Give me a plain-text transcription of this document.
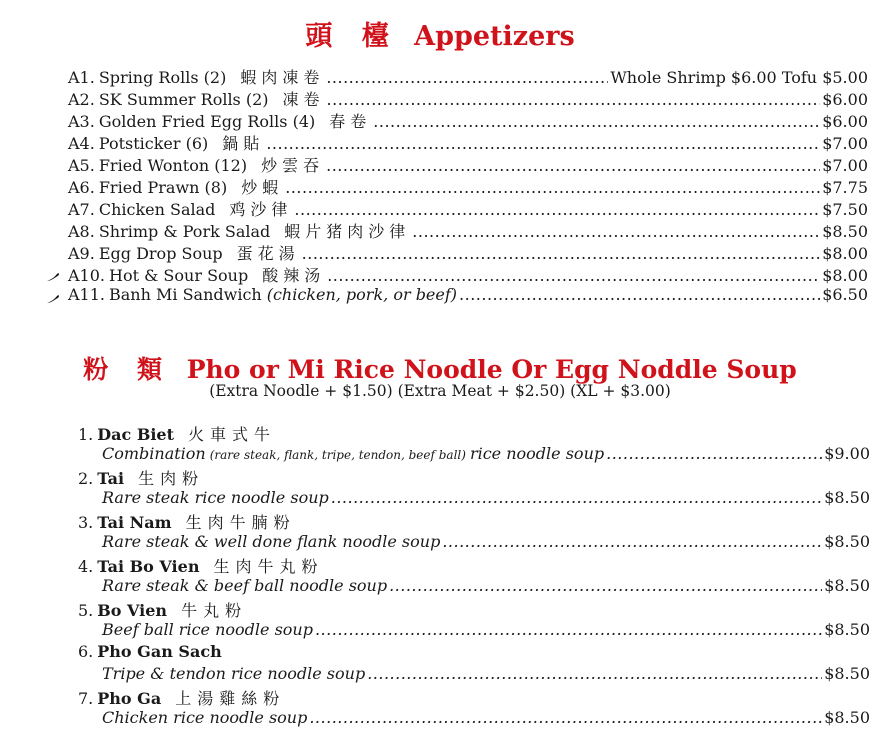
頭 檯 Appetizers
A1. Spring Rolls (2) 蝦肉凍卷 .....	Whole Shrimp $6.00 Tofu $5.00
A2. SK Summer Rolls (2) 凍卷 .....	$6.00
A3. Golden Fried Egg Rolls (4) 春卷 .....	$6.00
A4. Potsticker (6) 鍋貼 .....	$7.00
A5. Fried Wonton (12) 炒雲吞 .....	$7.00
A6. Fried Prawn (8) 炒蝦 .....	$7.75
A7. Chicken Salad 鸡沙律 .....	$7.50
A8. Shrimp & Pork Salad 蝦片猪肉沙律 .....	$8.50
A9. Egg Drop Soup 蛋花湯 .....	$8.00
A10. Hot & Sour Soup 酸辣汤 .....	$8.00
A11. Banh Mi Sandwich (chicken, pork, or beef) .....	$6.50
粉 類 Pho or Mi Rice Noodle Or Egg Noddle Soup
(Extra Noodle + $1.50) (Extra Meat + $2.50) (XL + $3.00)
1. Dac Biet 火車式牛
Combination (rare steak, flank, tripe, tendon, beef ball) rice noodle soup .....	$9.00
2. Tai 生肉粉
Rare steak rice noodle soup .....	$8.50
3. Tai Nam 生肉牛腩粉
Rare steak & well done flank noodle soup .....	$8.50
4. Tai Bo Vien 生肉牛丸粉
Rare steak & beef ball noodle soup .....	$8.50
5. Bo Vien 牛丸粉
Beef ball rice noodle soup .....	$8.50
6. Pho Gan Sach
Tripe & tendon rice noodle soup .....	$8.50
7. Pho Ga 上湯雞絲粉
Chicken rice noodle soup .....	$8.50
